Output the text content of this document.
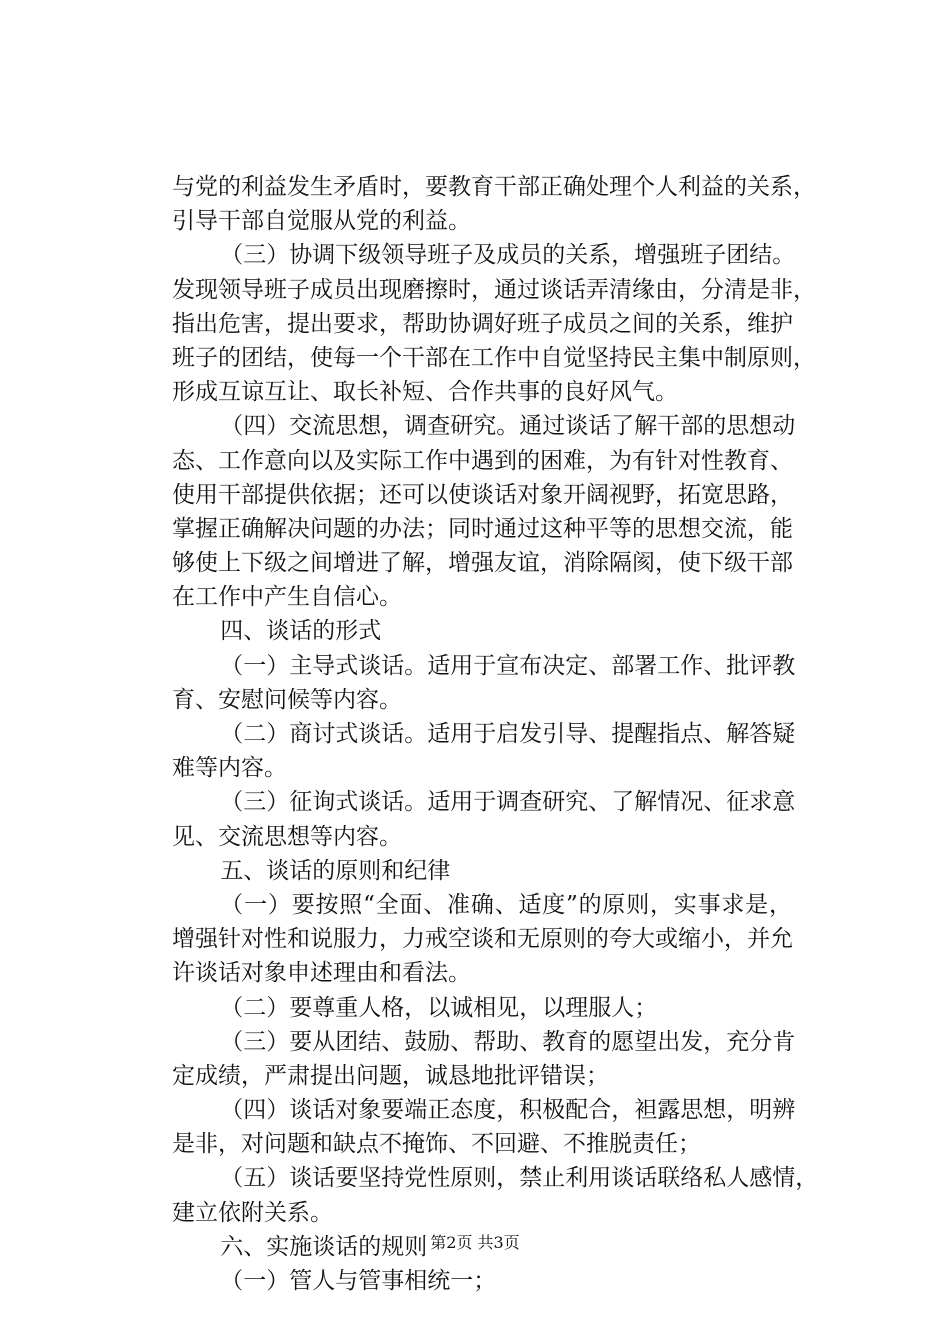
与党的利益发生矛盾时，要教育干部正确处理个人利益的关系，
引导干部自觉服从党的利益。
（三）协调下级领导班子及成员的关系，增强班子团结。
发现领导班子成员出现磨擦时，通过谈话弄清缘由，分清是非，
指出危害，提出要求，帮助协调好班子成员之间的关系，维护
班子的团结，使每一个干部在工作中自觉坚持民主集中制原则，
形成互谅互让、取长补短、合作共事的良好风气。
（四）交流思想，调查研究。通过谈话了解干部的思想动
态、工作意向以及实际工作中遇到的困难，为有针对性教育、
使用干部提供依据；还可以使谈话对象开阔视野，拓宽思路，
掌握正确解决问题的办法；同时通过这种平等的思想交流，能
够使上下级之间增进了解，增强友谊，消除隔阂，使下级干部
在工作中产生自信心。
四、谈话的形式
（一）主导式谈话。适用于宣布决定、部署工作、批评教
育、安慰问候等内容。
（二）商讨式谈话。适用于启发引导、提醒指点、解答疑
难等内容。
（三）征询式谈话。适用于调查研究、了解情况、征求意
见、交流思想等内容。
五、谈话的原则和纪律
（一）要按照“全面、准确、适度”的原则，实事求是，
增强针对性和说服力，力戒空谈和无原则的夸大或缩小，并允
许谈话对象申述理由和看法。
（二）要尊重人格，以诚相见，以理服人；
（三）要从团结、鼓励、帮助、教育的愿望出发，充分肯
定成绩，严肃提出问题，诚恳地批评错误；
（四）谈话对象要端正态度，积极配合，袒露思想，明辨
是非，对问题和缺点不掩饰、不回避、不推脱责任；
（五）谈话要坚持党性原则，禁止利用谈话联络私人感情，
建立依附关系。
六、实施谈话的规则
（一）管人与管事相统一；
第2页 共3页
